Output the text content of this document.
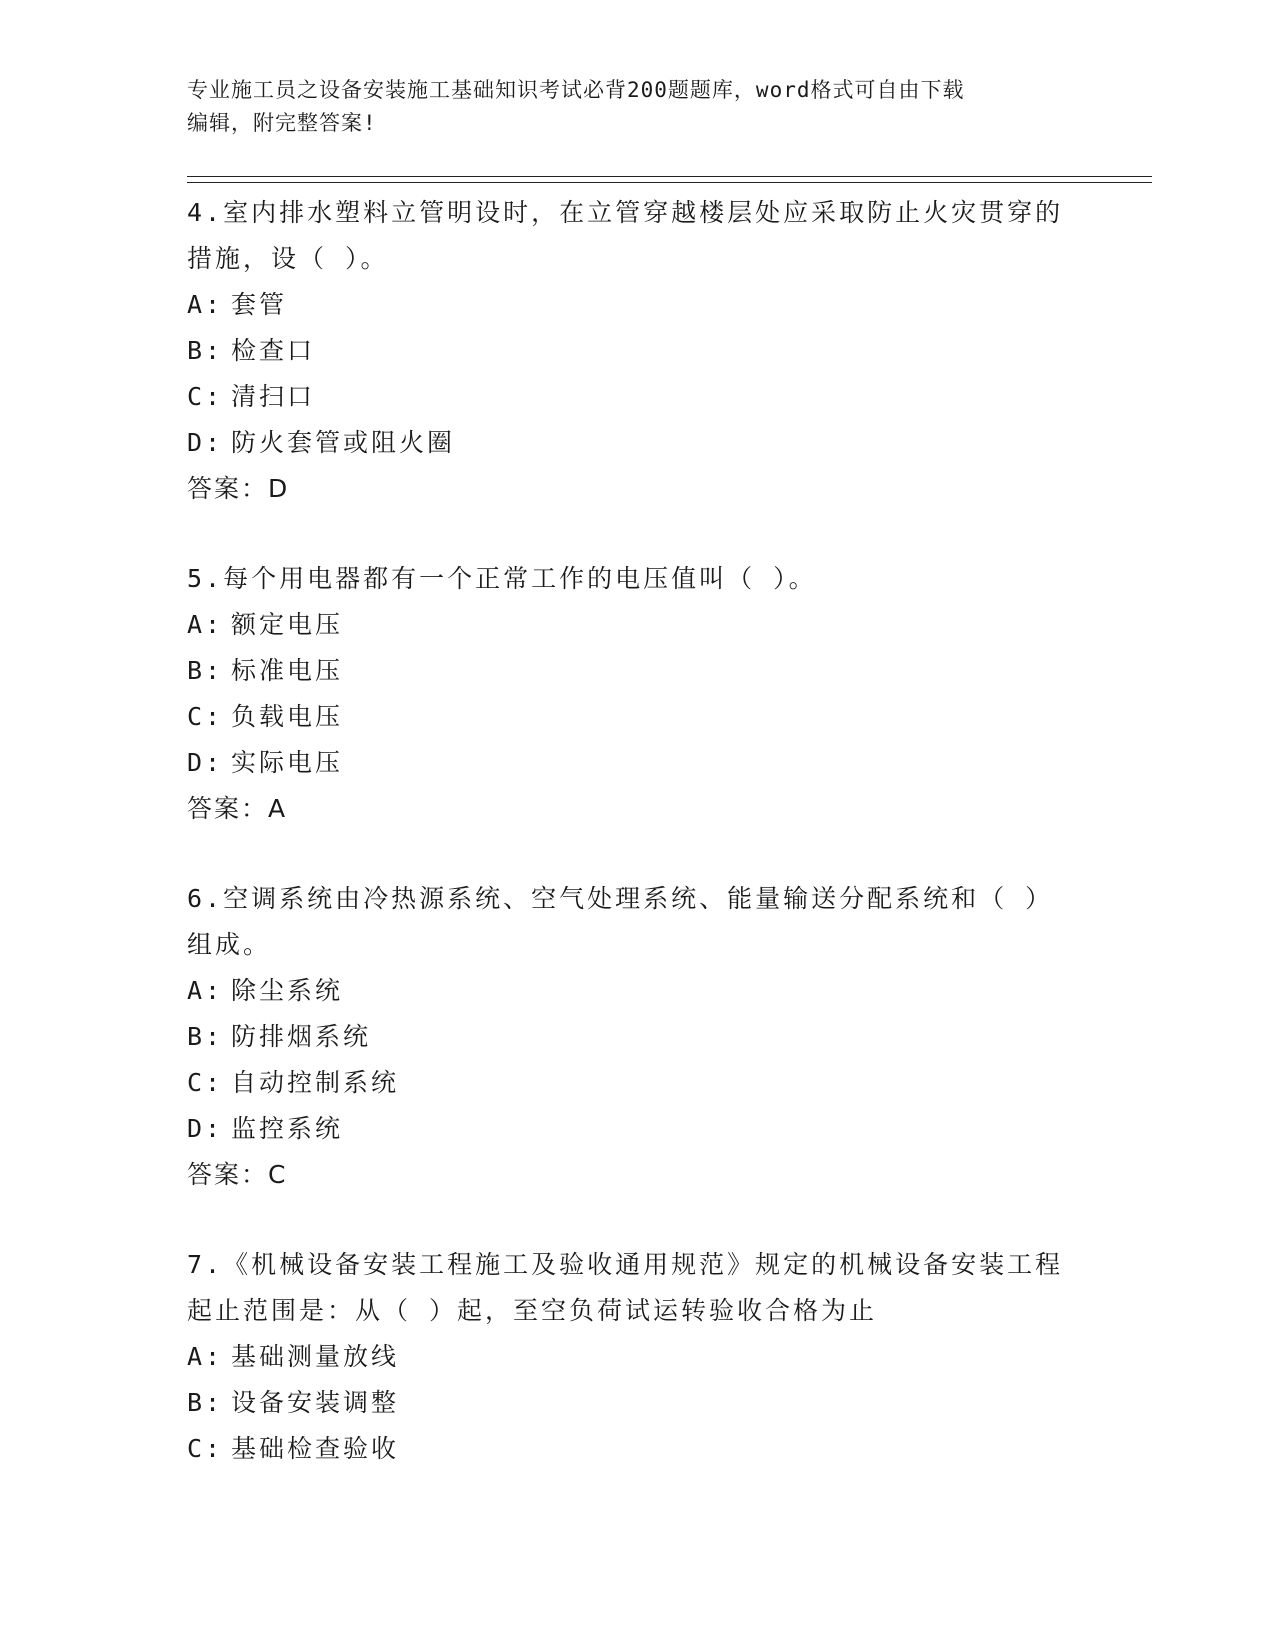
专业施工员之设备安装施工基础知识考试必背200题题库，word格式可自由下载
编辑，附完整答案!
4.室内排水塑料立管明设时，在立管穿越楼层处应采取防止火灾贯穿的措施，设（ ）。
A: 套管
B: 检查口
C: 清扫口
D: 防火套管或阻火圈
答案：D
5.每个用电器都有一个正常工作的电压值叫（ ）。
A: 额定电压
B: 标准电压
C: 负载电压
D: 实际电压
答案：A
6.空调系统由冷热源系统、空气处理系统、能量输送分配系统和（ ）组成。
A: 除尘系统
B: 防排烟系统
C: 自动控制系统
D: 监控系统
答案：C
7.《机械设备安装工程施工及验收通用规范》规定的机械设备安装工程起止范围是：从（ ）起，至空负荷试运转验收合格为止
A: 基础测量放线
B: 设备安装调整
C: 基础检查验收
